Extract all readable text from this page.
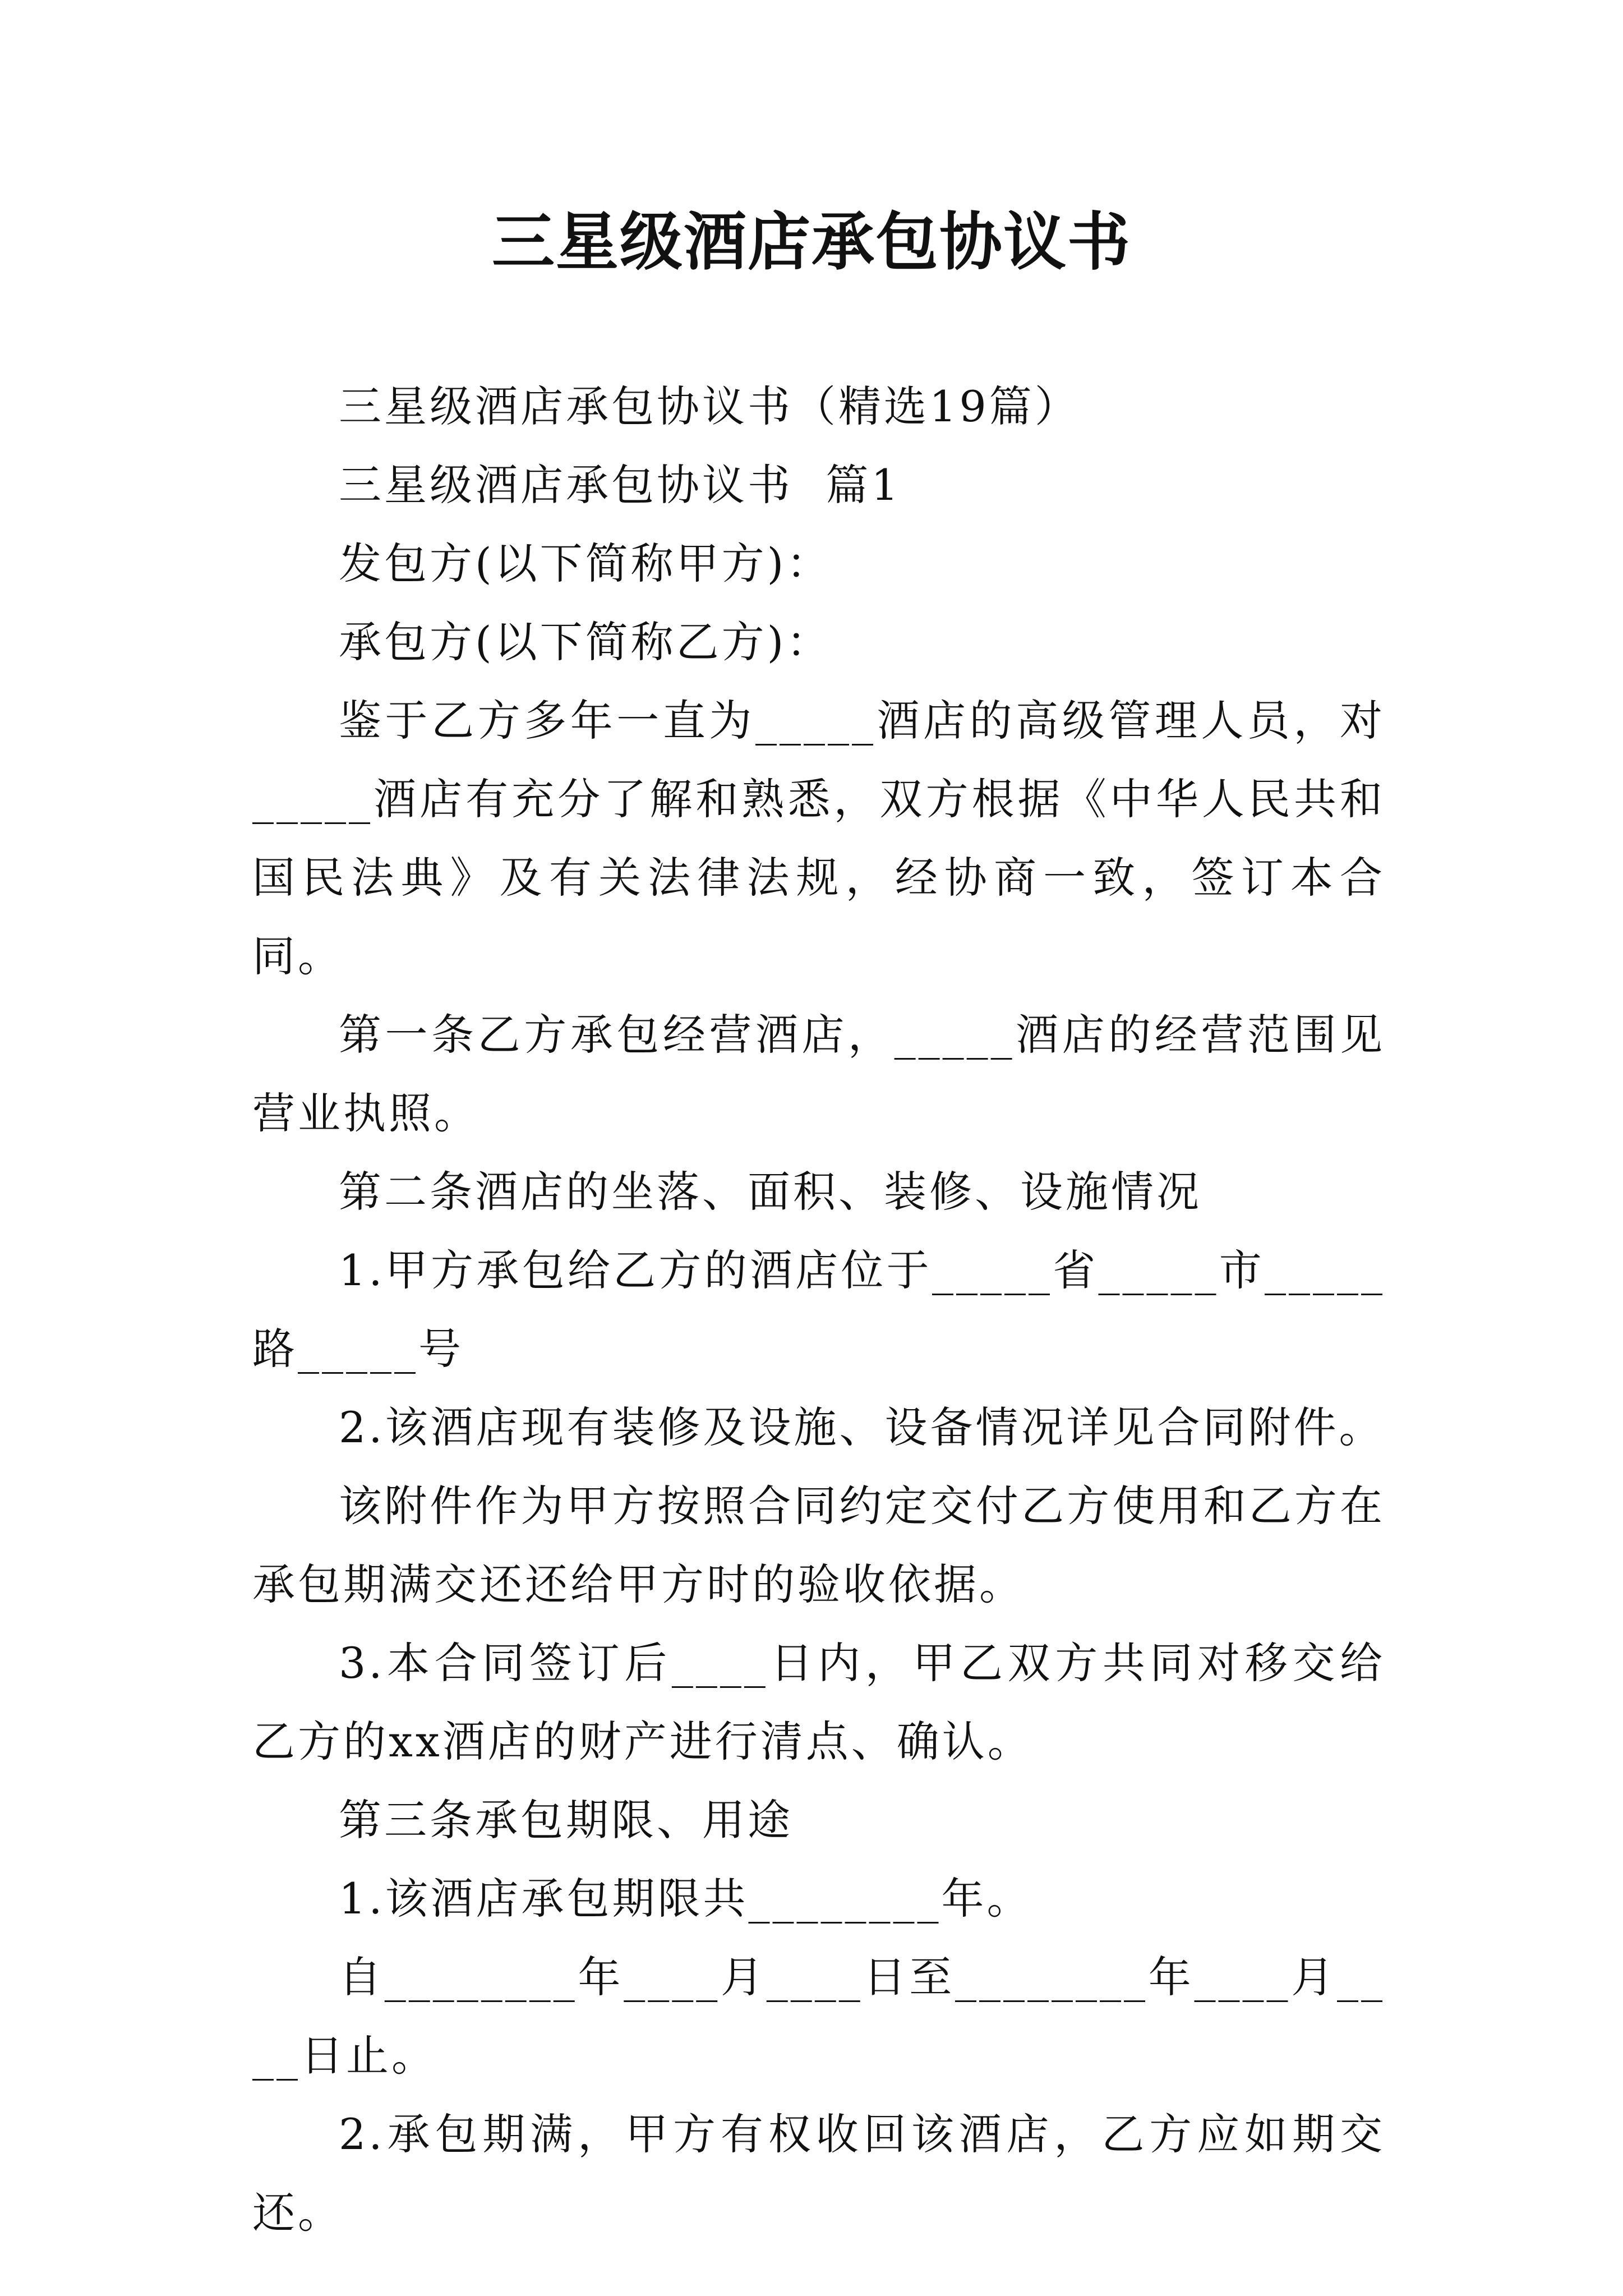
三星级酒店承包协议书

三星级酒店承包协议书（精选19篇）

三星级酒店承包协议书  篇1

发包方(以下简称甲方)：

承包方(以下简称乙方)：

鉴于乙方多年一直为_____酒店的高级管理人员，对_____酒店有充分了解和熟悉，双方根据《中华人民共和国民法典》及有关法律法规，经协商一致，签订本合同。

第一条乙方承包经营酒店，_____酒店的经营范围见营业执照。

第二条酒店的坐落、面积、装修、设施情况

1.甲方承包给乙方的酒店位于_____省_____市_____路_____号

2.该酒店现有装修及设施、设备情况详见合同附件。

该附件作为甲方按照合同约定交付乙方使用和乙方在承包期满交还还给甲方时的验收依据。

3.本合同签订后____日内，甲乙双方共同对移交给乙方的xx酒店的财产进行清点、确认。

第三条承包期限、用途

1.该酒店承包期限共________年。

自________年____月____日至________年____月____日止。

2.承包期满，甲方有权收回该酒店，乙方应如期交还。
